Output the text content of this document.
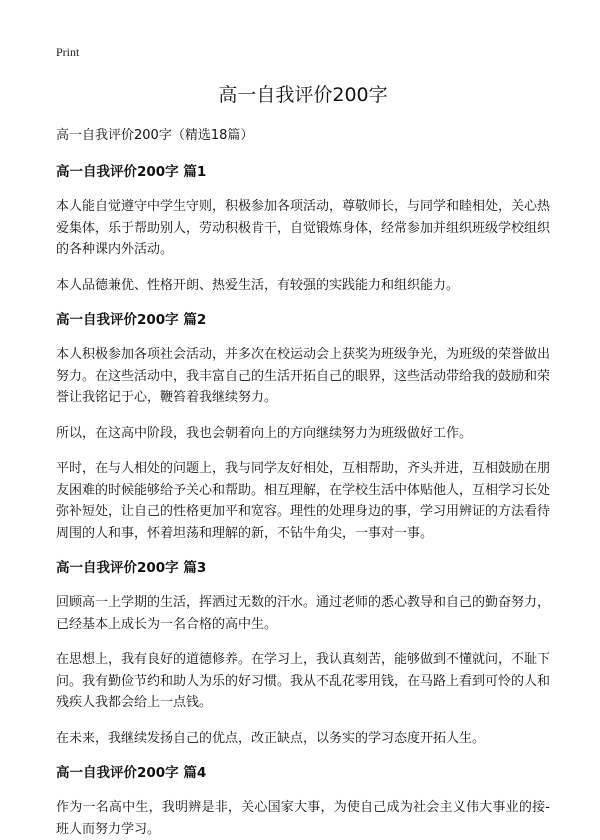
Print
高一自我评价200字
高一自我评价200字（精选18篇）
高一自我评价200字 篇1

本人能自觉遵守中学生守则，积极参加各项活动，尊敬师长，与同学和睦相处，关心热爱集体，乐于帮助别人，劳动积极肯干，自觉锻炼身体，经常参加并组织班级学校组织的各种课内外活动。

本人品德兼优、性格开朗、热爱生活，有较强的实践能力和组织能力。

高一自我评价200字 篇2

本人积极参加各项社会活动，并多次在校运动会上获奖为班级争光，为班级的荣誉做出努力。在这些活动中，我丰富自己的生活开拓自己的眼界，这些活动带给我的鼓励和荣誉让我铭记于心，鞭笞着我继续努力。

所以，在这高中阶段，我也会朝着向上的方向继续努力为班级做好工作。

平时，在与人相处的问题上，我与同学友好相处，互相帮助，齐头并进，互相鼓励在朋友困难的时候能够给予关心和帮助。相互理解，在学校生活中体贴他人，互相学习长处弥补短处，让自己的性格更加平和宽容。理性的处理身边的事，学习用辨证的方法看待周围的人和事，怀着坦荡和理解的新，不钻牛角尖，一事对一事。

高一自我评价200字 篇3

回顾高一上学期的生活，挥洒过无数的汗水。通过老师的悉心教导和自己的勤奋努力，已经基本上成长为一名合格的高中生。

在思想上，我有良好的道德修养。在学习上，我认真刻苦，能够做到不懂就问，不耻下问。我有勤俭节约和助人为乐的好习惯。我从不乱花零用钱，在马路上看到可怜的人和残疾人我都会给上一点钱。

在未来，我继续发扬自己的优点，改正缺点，以务实的学习态度开拓人生。

高一自我评价200字 篇4

作为一名高中生，我明辨是非，关心国家大事，为使自己成为社会主义伟大事业的接-班人而努力学习。
